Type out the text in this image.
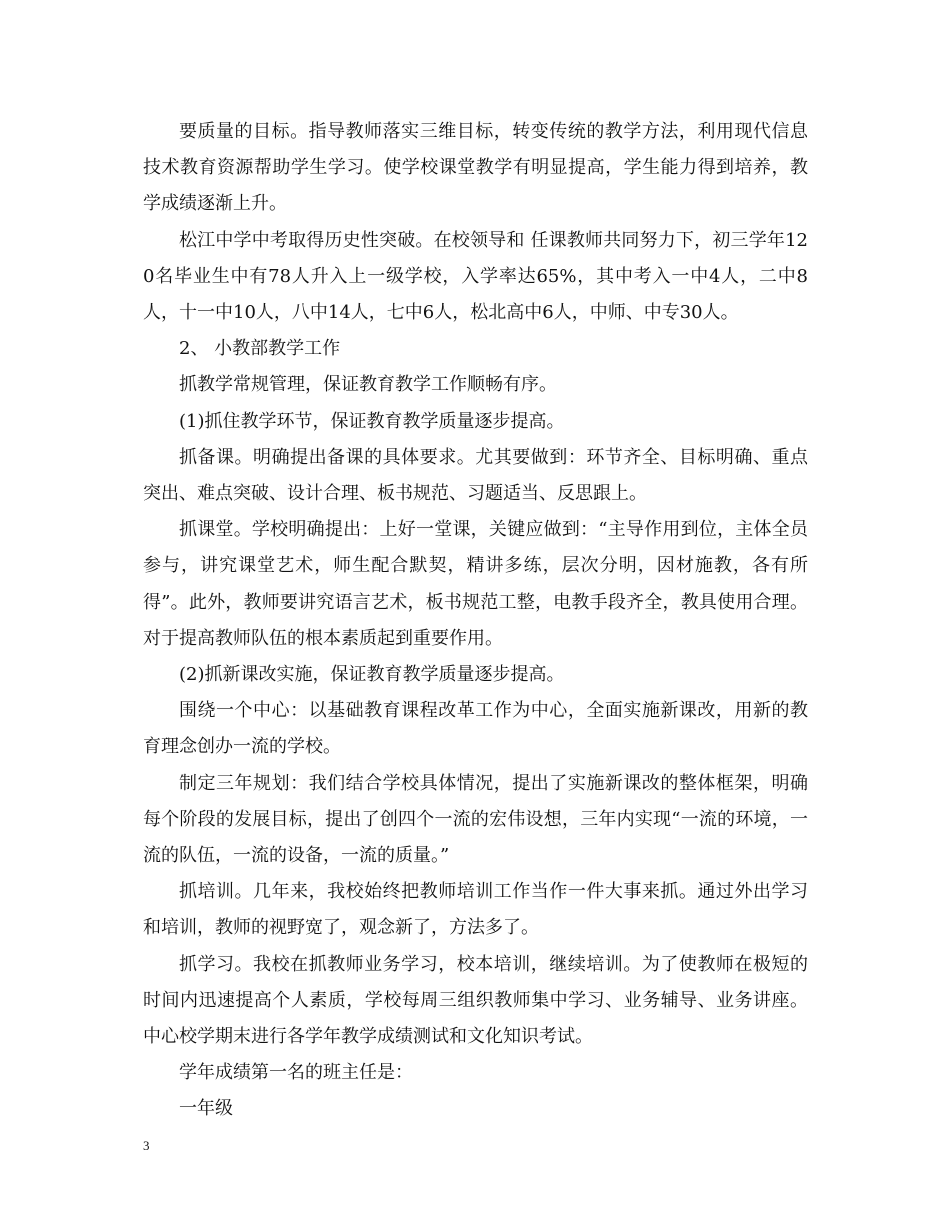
要质量的目标。指导教师落实三维目标，转变传统的教学方法，利用现代信息技术教育资源帮助学生学习。使学校课堂教学有明显提高，学生能力得到培养，教学成绩逐渐上升。

松江中学中考取得历史性突破。在校领导和 任课教师共同努力下，初三学年120名毕业生中有78人升入上一级学校，入学率达65%，其中考入一中4人，二中8人，十一中10人，八中14人，七中6人，松北高中6人，中师、中专30人。

2、 小教部教学工作

抓教学常规管理，保证教育教学工作顺畅有序。

(1)抓住教学环节，保证教育教学质量逐步提高。

抓备课。明确提出备课的具体要求。尤其要做到：环节齐全、目标明确、重点突出、难点突破、设计合理、板书规范、习题适当、反思跟上。

抓课堂。学校明确提出：上好一堂课，关键应做到：“主导作用到位，主体全员参与，讲究课堂艺术，师生配合默契，精讲多练，层次分明，因材施教，各有所得”。此外，教师要讲究语言艺术，板书规范工整，电教手段齐全，教具使用合理。对于提高教师队伍的根本素质起到重要作用。

(2)抓新课改实施，保证教育教学质量逐步提高。

围绕一个中心：以基础教育课程改革工作为中心，全面实施新课改，用新的教育理念创办一流的学校。

制定三年规划：我们结合学校具体情况，提出了实施新课改的整体框架，明确每个阶段的发展目标，提出了创四个一流的宏伟设想，三年内实现“一流的环境，一流的队伍，一流的设备，一流的质量。”

抓培训。几年来，我校始终把教师培训工作当作一件大事来抓。通过外出学习和培训，教师的视野宽了，观念新了，方法多了。

抓学习。我校在抓教师业务学习，校本培训，继续培训。为了使教师在极短的时间内迅速提高个人素质，学校每周三组织教师集中学习、业务辅导、业务讲座。中心校学期末进行各学年教学成绩测试和文化知识考试。

学年成绩第一名的班主任是：

一年级

3
